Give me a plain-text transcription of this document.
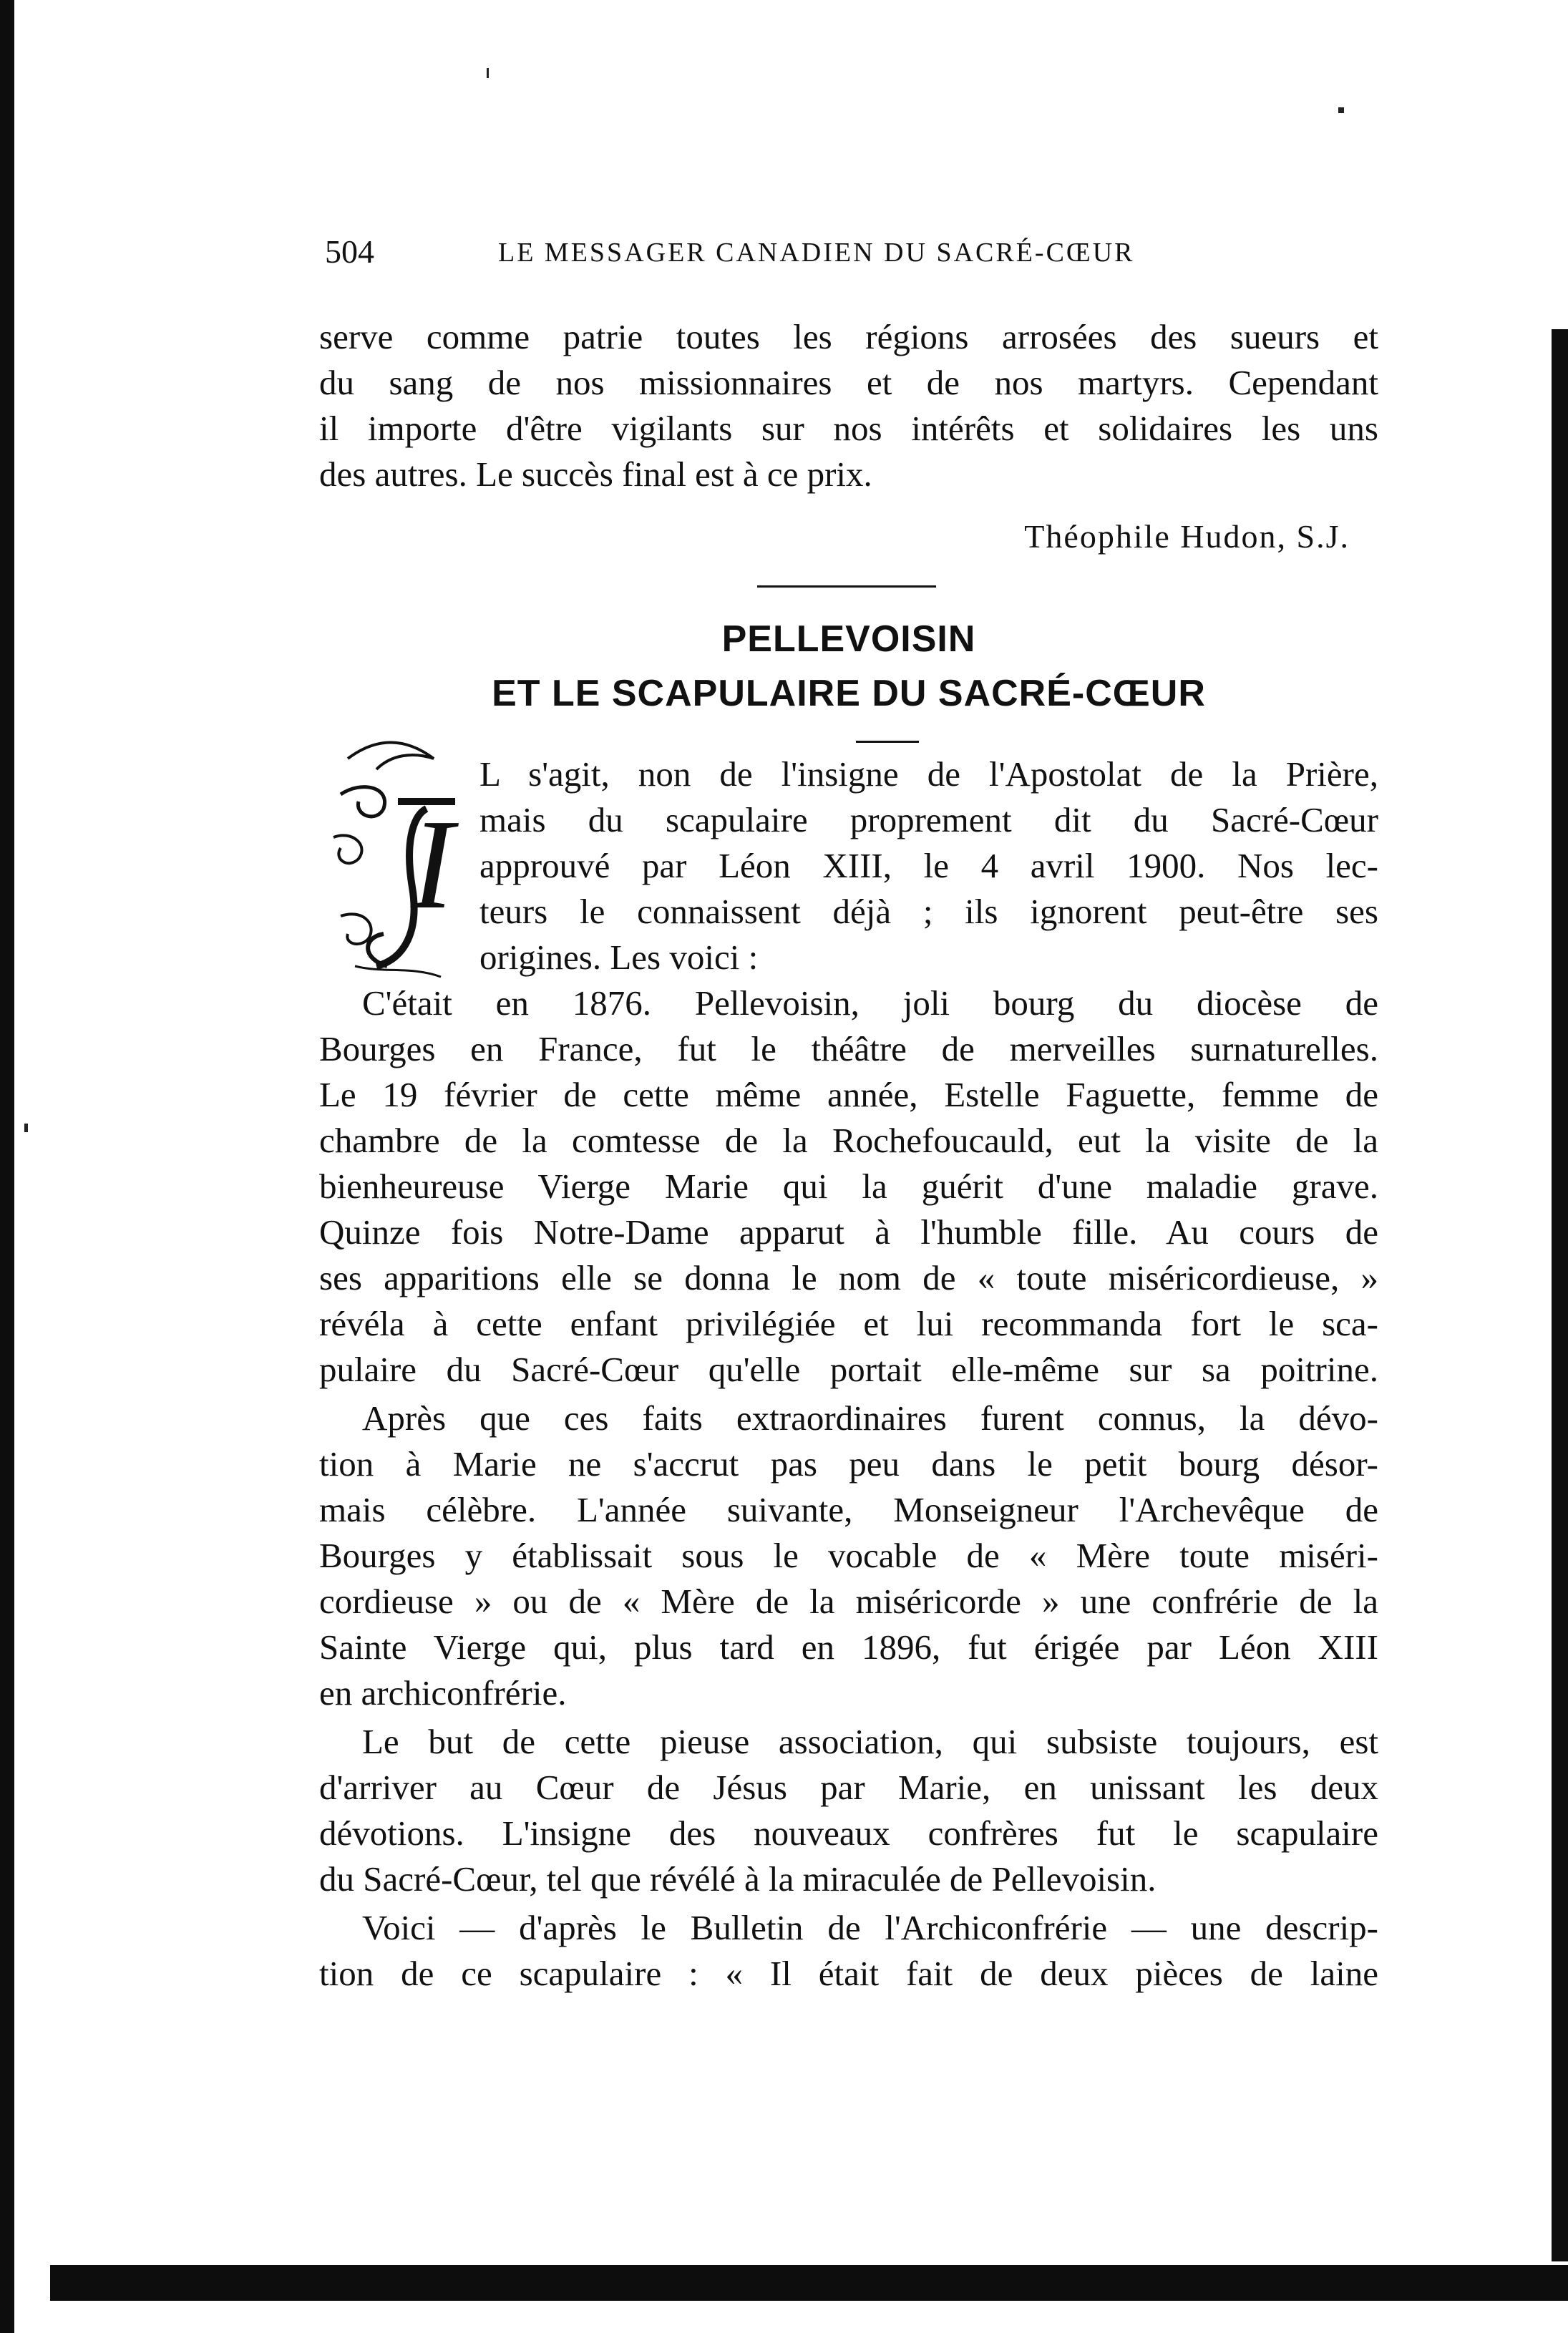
504	LE MESSAGER CANADIEN DU SACRÉ-CŒUR
serve comme patrie toutes les régions arrosées des sueurs et
du sang de nos missionnaires et de nos martyrs. Cependant
il importe d'être vigilants sur nos intérêts et solidaires les uns
des autres. Le succès final est à ce prix.
Théophile Hudon, S.J.
PELLEVOISIN
ET LE SCAPULAIRE DU SACRÉ-CŒUR
I
L s'agit, non de l'insigne de l'Apostolat de la Prière,
mais du scapulaire proprement dit du Sacré-Cœur
approuvé par Léon XIII, le 4 avril 1900. Nos lec-
teurs le connaissent déjà ; ils ignorent peut-être ses
origines. Les voici :
C'était en 1876. Pellevoisin, joli bourg du diocèse de
Bourges en France, fut le théâtre de merveilles surnaturelles.
Le 19 février de cette même année, Estelle Faguette, femme de
chambre de la comtesse de la Rochefoucauld, eut la visite de la
bienheureuse Vierge Marie qui la guérit d'une maladie grave.
Quinze fois Notre-Dame apparut à l'humble fille. Au cours de
ses apparitions elle se donna le nom de « toute miséricordieuse, »
révéla à cette enfant privilégiée et lui recommanda fort le sca-
pulaire du Sacré-Cœur qu'elle portait elle-même sur sa poitrine.
Après que ces faits extraordinaires furent connus, la dévo-
tion à Marie ne s'accrut pas peu dans le petit bourg désor-
mais célèbre. L'année suivante, Monseigneur l'Archevêque de
Bourges y établissait sous le vocable de « Mère toute miséri-
cordieuse » ou de « Mère de la miséricorde » une confrérie de la
Sainte Vierge qui, plus tard en 1896, fut érigée par Léon XIII
en archiconfrérie.
Le but de cette pieuse association, qui subsiste toujours, est
d'arriver au Cœur de Jésus par Marie, en unissant les deux
dévotions. L'insigne des nouveaux confrères fut le scapulaire
du Sacré-Cœur, tel que révélé à la miraculée de Pellevoisin.
Voici — d'après le Bulletin de l'Archiconfrérie — une descrip-
tion de ce scapulaire : « Il était fait de deux pièces de laine
